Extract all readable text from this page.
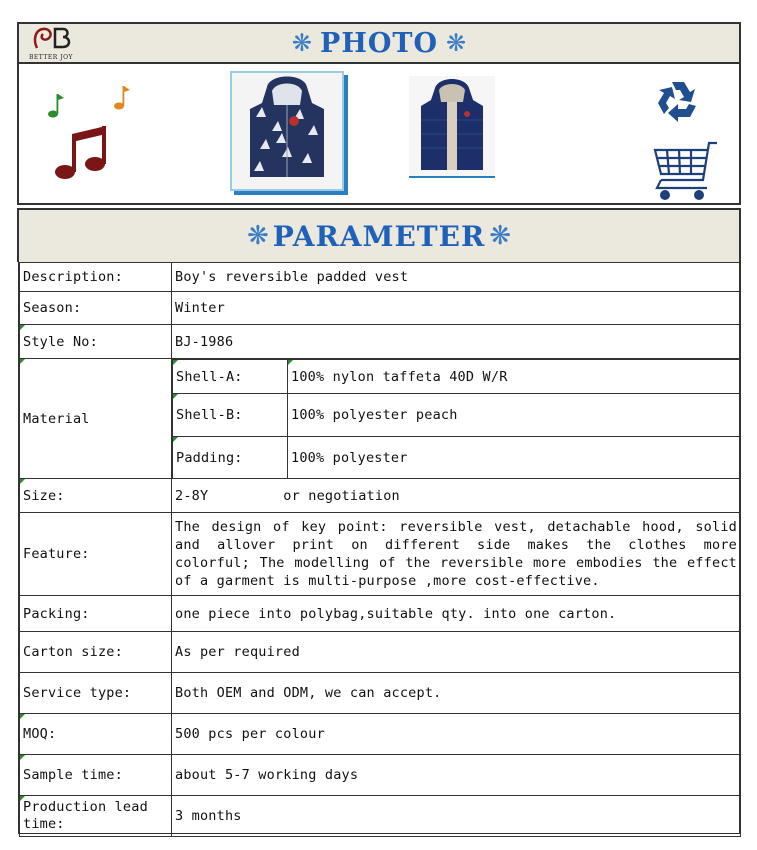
❋ PHOTO ❋
BETTER JOY
❋ PARAMETER ❋
Description:	Boy's reversible padded vest
Season:	Winter
Style No:	BJ-1986
Material	
Shell-A:	100% nylon taffeta 40D W/R
Shell-B:	100% polyester peach
Padding:	100% polyester

Size:	2-8Y         or negotiation
Feature:	The design of key point: reversible vest, detachable hood, solid and allover print on different side makes the clothes more colorful; The modelling of the reversible more embodies the effect of a garment is multi-purpose ,more cost-effective.
Packing:	one piece into polybag,suitable qty. into one carton.
Carton size:	As per required
Service type:	Both OEM and ODM, we can accept.
MOQ:	500 pcs per colour
Sample time:	about 5-7 working days
Production lead time:	3 months
